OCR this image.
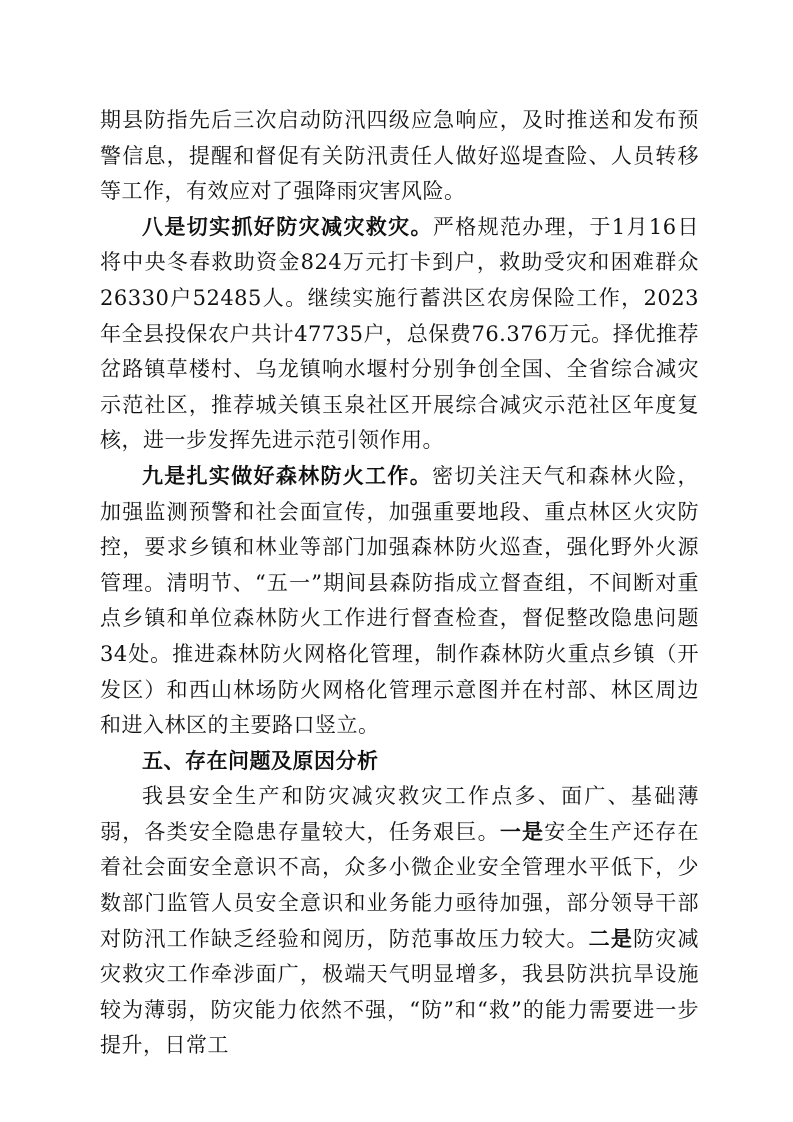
期县防指先后三次启动防汛四级应急响应，及时推送和发布预警信息，提醒和督促有关防汛责任人做好巡堤查险、人员转移等工作，有效应对了强降雨灾害风险。

八是切实抓好防灾减灾救灾。严格规范办理，于1月16日将中央冬春救助资金824万元打卡到户，救助受灾和困难群众26330户52485人。继续实施行蓄洪区农房保险工作，2023年全县投保农户共计47735户，总保费76.376万元。择优推荐岔路镇草楼村、乌龙镇响水堰村分别争创全国、全省综合减灾示范社区，推荐城关镇玉泉社区开展综合减灾示范社区年度复核，进一步发挥先进示范引领作用。

九是扎实做好森林防火工作。密切关注天气和森林火险，加强监测预警和社会面宣传，加强重要地段、重点林区火灾防控，要求乡镇和林业等部门加强森林防火巡查，强化野外火源管理。清明节、“五一”期间县森防指成立督查组，不间断对重点乡镇和单位森林防火工作进行督查检查，督促整改隐患问题34处。推进森林防火网格化管理，制作森林防火重点乡镇（开发区）和西山林场防火网格化管理示意图并在村部、林区周边和进入林区的主要路口竖立。

五、存在问题及原因分析

我县安全生产和防灾减灾救灾工作点多、面广、基础薄弱，各类安全隐患存量较大，任务艰巨。一是安全生产还存在着社会面安全意识不高，众多小微企业安全管理水平低下，少数部门监管人员安全意识和业务能力亟待加强，部分领导干部对防汛工作缺乏经验和阅历，防范事故压力较大。二是防灾减灾救灾工作牵涉面广，极端天气明显增多，我县防洪抗旱设施较为薄弱，防灾能力依然不强，“防”和“救”的能力需要进一步提升，日常工
